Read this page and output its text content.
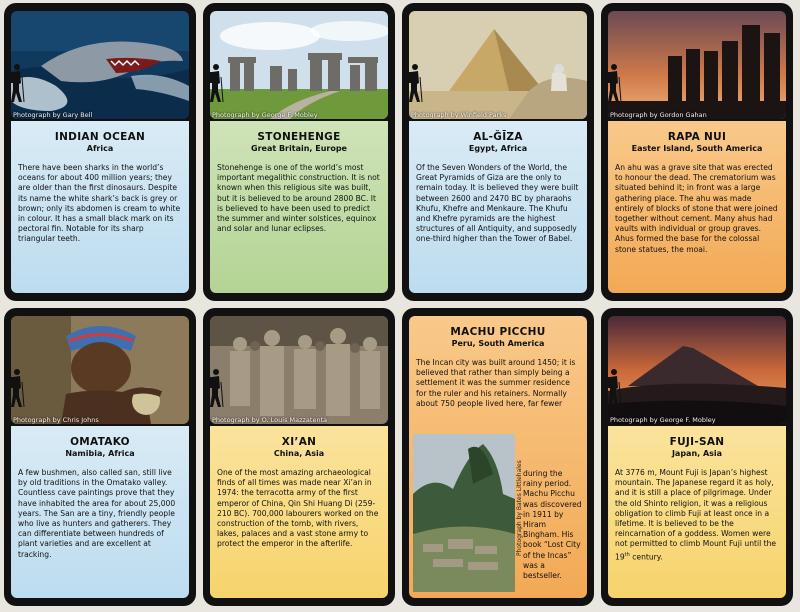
Photograph by Gary Bell
INDIAN OCEAN
Africa
There have been sharks in the world’s oceans for about 400 million years; they are older than the first dinosaurs. Despite its name the white shark’s back is grey or brown; only its abdomen is cream to white in colour. It has a small black mark on its pectoral fin. Notable for its sharp triangular teeth.
Photograph by George F. Mobley
STONEHENGE
Great Britain, Europe
Stonehenge is one of the world’s most important megalithic construction. It is not known when this religious site was built, but it is believed to be around 2800 BC. It is believed to have been used to predict the summer and winter solstices, equinox and solar and lunar eclipses.
Photograph by Winfield Parks
AL-ĞĪZA
Egypt, Africa
Of the Seven Wonders of the World, the Great Pyramids of Giza are the only to remain today. It is believed they were built between 2600 and 2470 BC by pharaohs Khufu, Khefre and Menkaure. The Khufu and Khefre pyramids are the highest structures of all Antiquity, and supposedly one-third higher than the Tower of Babel.
Photograph by Gordon Gahan
RAPA NUI
Easter Island, South America
An ahu was a grave site that was erected to honour the dead. The crematorium was situated behind it; in front was a large gathering place. The ahu was made entirely of blocks of stone that were joined together without cement. Many ahus had vaults with individual or group graves. Ahus formed the base for the colossal stone statues, the moai.
Photograph by Chris Johns
OMATAKO
Namibia, Africa
A few bushmen, also called san, still live by old traditions in the Omatako valley. Countless cave paintings prove that they have inhabited the area for about 25,000 years. The San are a tiny, friendly people who live as hunters and gatherers. They can differentiate between hundreds of plant varieties and are excellent at tracking.
Photograph by O. Louis Mazzatenta
XI’AN
China, Asia
One of the most amazing archaeological finds of all times was made near Xi’an in 1974: the terracotta army of the first emperor of China, Qin Shi Huang Di (259-210 BC). 700,000 labourers worked on the construction of the tomb, with rivers, lakes, palaces and a vast stone army to protect the emperor in the afterlife.
MACHU PICCHU
Peru, South America
The Incan city was built around 1450; it is believed that rather than simply being a settlement it was the summer residence for the ruler and his retainers. Normally about 750 people lived here, far fewer
Photograph by Bates Littlehales during the rainy period. Machu Picchu was discovered in 1911 by Hiram Bingham. His book “Lost City of the Incas” was a bestseller.
Photograph by George F. Mobley
FUJI-SAN
Japan, Asia
At 3776 m, Mount Fuji is Japan’s highest mountain. The Japanese regard it as holy, and it is still a place of pilgrimage. Under the old Shinto religion, it was a religious obligation to climb Fuji at least once in a lifetime. It is believed to be the reincarnation of a goddess. Women were not permitted to climb Mount Fuji until the 19th century.
